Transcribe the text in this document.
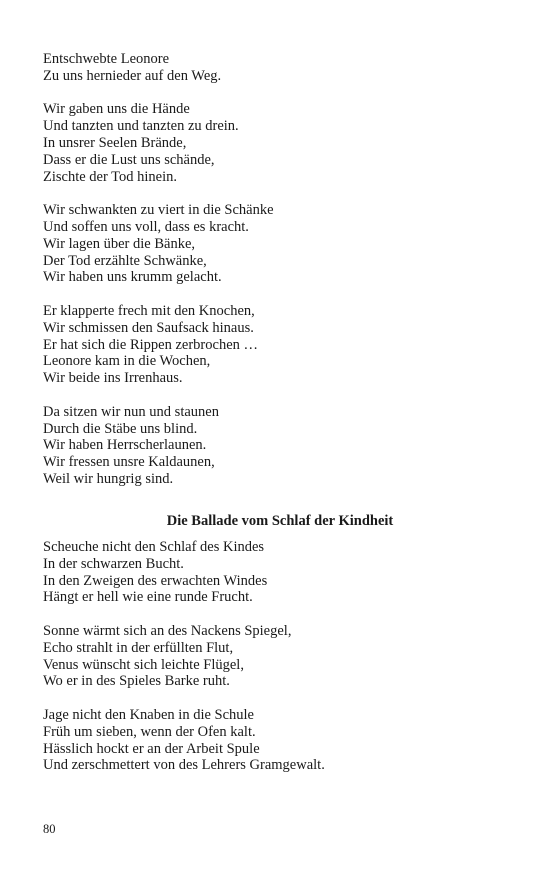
Entschwebte Leonore
Zu uns hernieder auf den Weg.
Wir gaben uns die Hände
Und tanzten und tanzten zu drein.
In unsrer Seelen Brände,
Dass er die Lust uns schände,
Zischte der Tod hinein.
Wir schwankten zu viert in die Schänke
Und soffen uns voll, dass es kracht.
Wir lagen über die Bänke,
Der Tod erzählte Schwänke,
Wir haben uns krumm gelacht.
Er klapperte frech mit den Knochen,
Wir schmissen den Saufsack hinaus.
Er hat sich die Rippen zerbrochen …
Leonore kam in die Wochen,
Wir beide ins Irrenhaus.
Da sitzen wir nun und staunen
Durch die Stäbe uns blind.
Wir haben Herrscherlaunen.
Wir fressen unsre Kaldaunen,
Weil wir hungrig sind.
Die Ballade vom Schlaf der Kindheit
Scheuche nicht den Schlaf des Kindes
In der schwarzen Bucht.
In den Zweigen des erwachten Windes
Hängt er hell wie eine runde Frucht.
Sonne wärmt sich an des Nackens Spiegel,
Echo strahlt in der erfüllten Flut,
Venus wünscht sich leichte Flügel,
Wo er in des Spieles Barke ruht.
Jage nicht den Knaben in die Schule
Früh um sieben, wenn der Ofen kalt.
Hässlich hockt er an der Arbeit Spule
Und zerschmettert von des Lehrers Gramgewalt.
80
